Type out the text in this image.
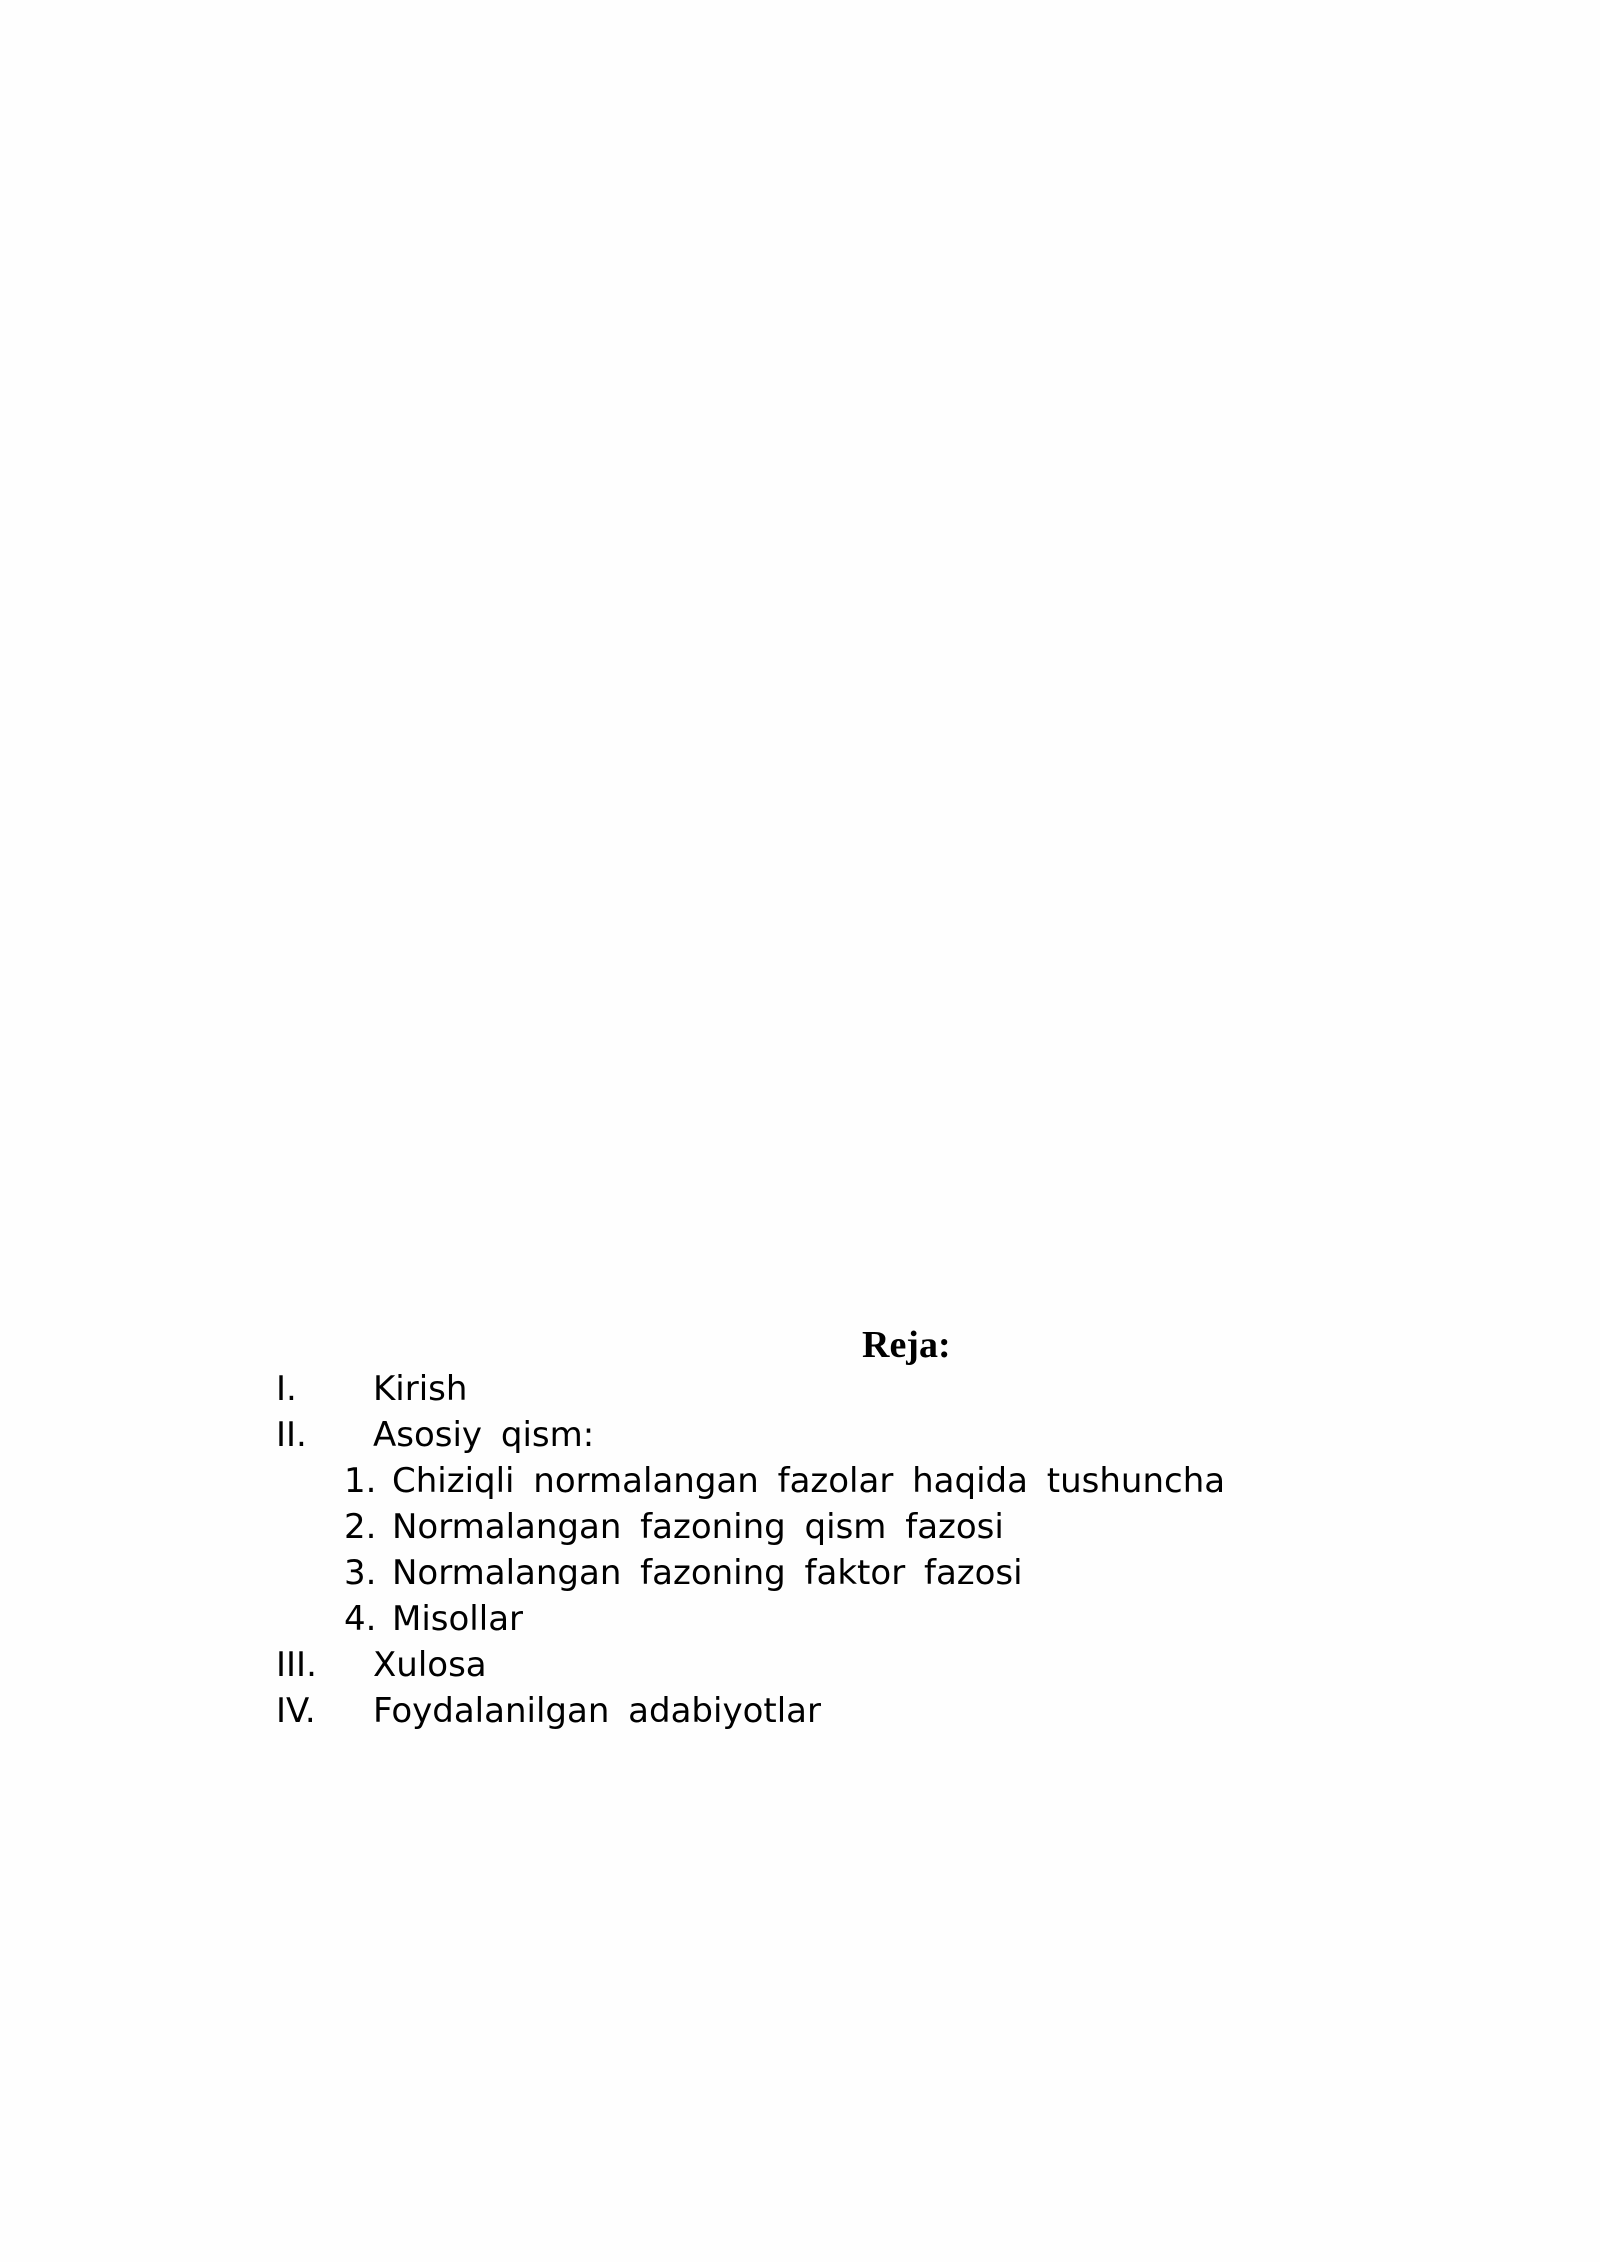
Reja:
I. Kirish
II. Asosiy qism:
1. Chiziqli normalangan fazolar haqida tushuncha
2. Normalangan fazoning qism fazosi
3. Normalangan fazoning faktor fazosi
4. Misollar
III. Xulosa
IV. Foydalanilgan adabiyotlar
